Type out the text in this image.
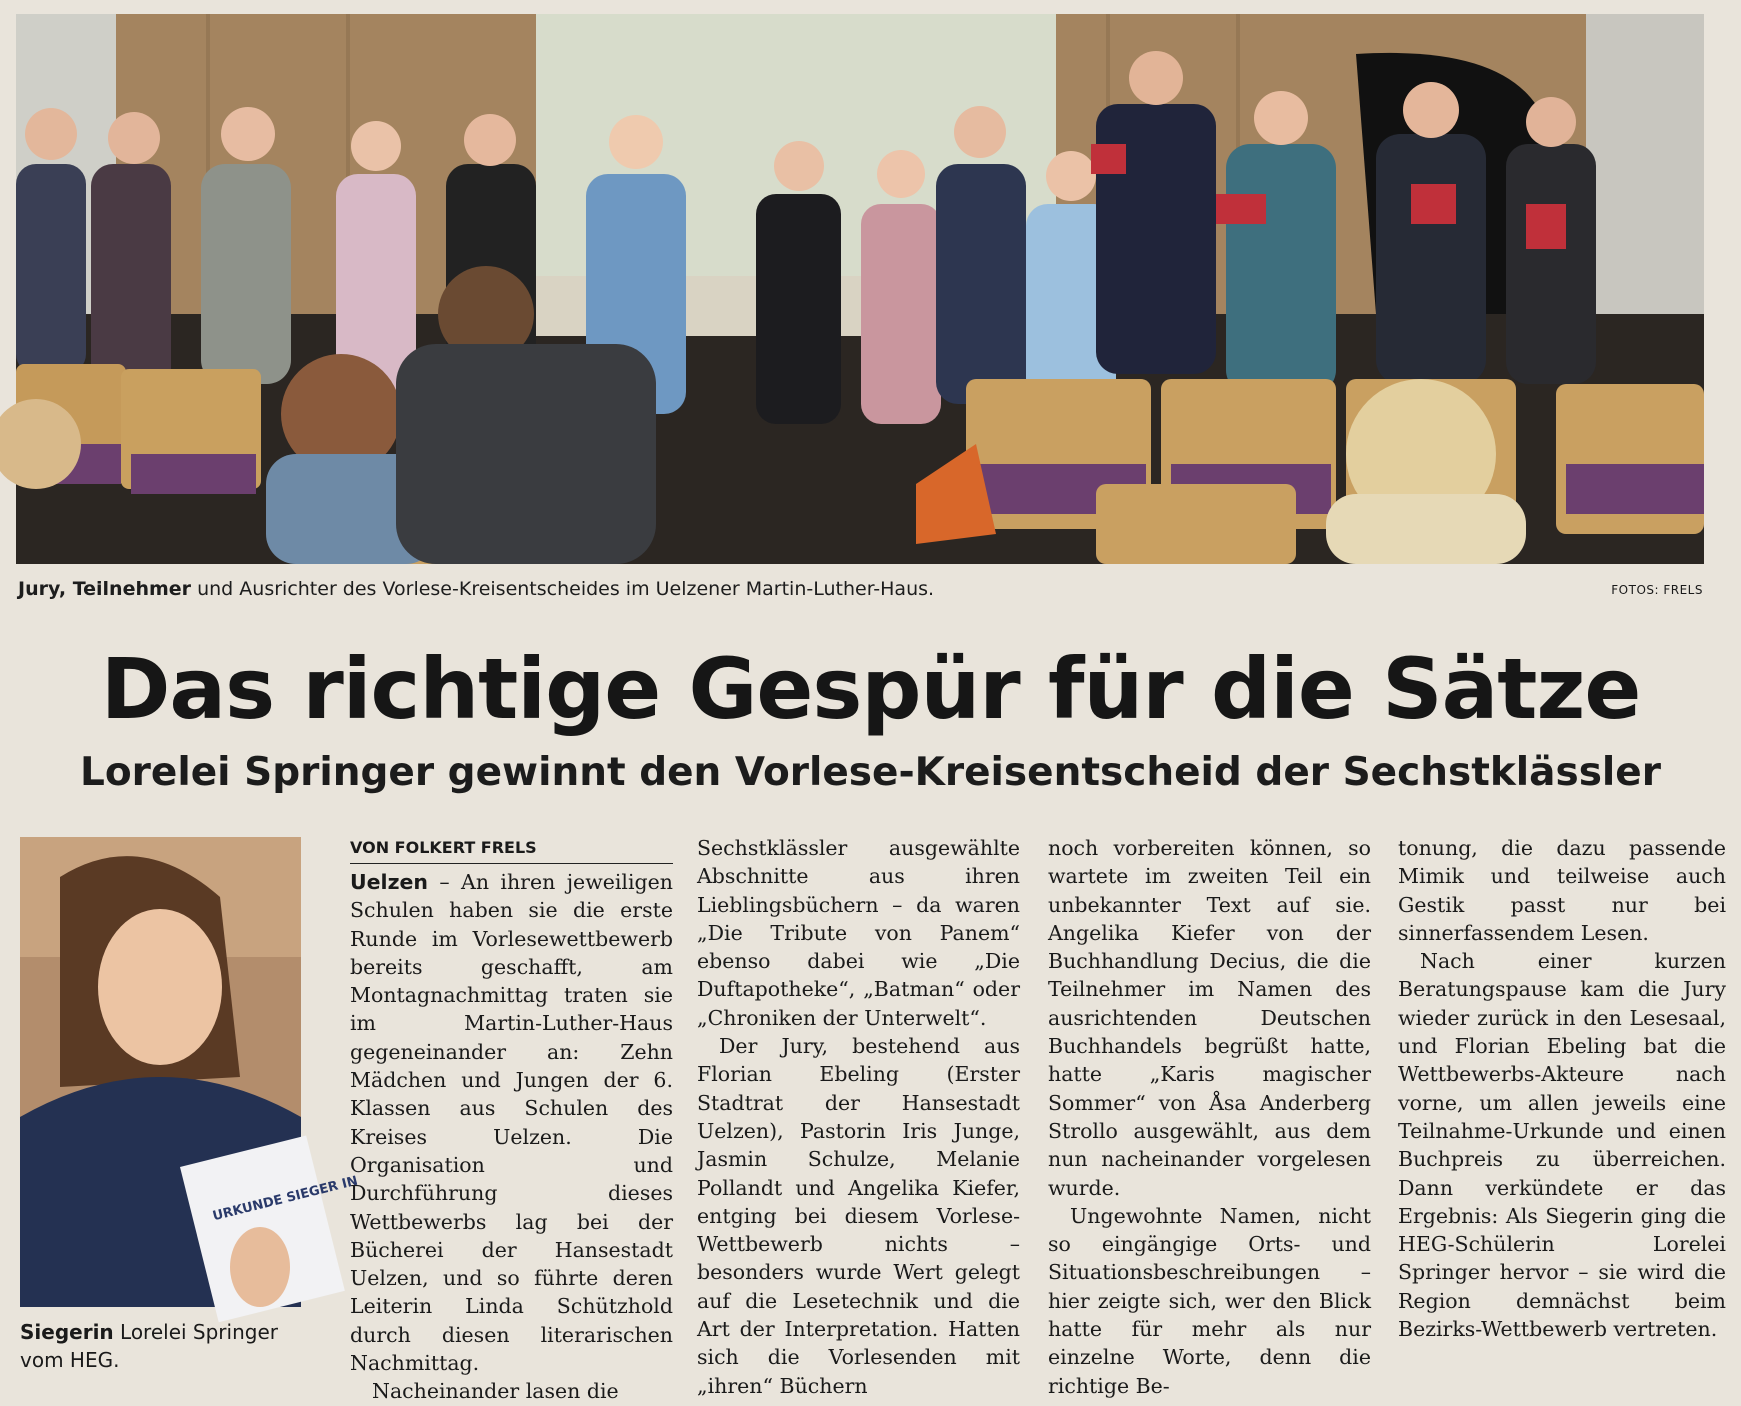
Jury, Teilnehmer und Ausrichter des Vorlese-Kreisentscheides im Uelzener Martin-Luther-Haus.	FOTOS: FRELS
Das richtige Gespür für die Sätze
Lorelei Springer gewinnt den Vorlese-Kreisentscheid der Sechstklässler
URKUNDE SIEGER IN
Siegerin Lorelei Springer vom HEG.
VON FOLKERT FRELS

Uelzen – An ihren jeweiligen Schulen haben sie die erste Runde im Vorlesewettbewerb bereits geschafft, am Montagnachmittag traten sie im Martin-Luther-Haus gegeneinander an: Zehn Mädchen und Jungen der 6. Klassen aus Schulen des Kreises Uelzen. Die Organisation und Durchführung dieses Wettbewerbs lag bei der Bücherei der Hansestadt Uelzen, und so führte deren Leiterin Linda Schützhold durch diesen literarischen Nachmittag.

Nacheinander lasen die

Sechstklässler ausgewählte Abschnitte aus ihren Lieblingsbüchern – da waren „Die Tribute von Panem“ ebenso dabei wie „Die Duftapotheke“, „Batman“ oder „Chroniken der Unterwelt“.

Der Jury, bestehend aus Florian Ebeling (Erster Stadtrat der Hansestadt Uelzen), Pastorin Iris Junge, Jasmin Schulze, Melanie Pollandt und Angelika Kiefer, entging bei diesem Vorlese-Wettbewerb nichts – besonders wurde Wert gelegt auf die Lesetechnik und die Art der Interpretation. Hatten sich die Vorlesenden mit „ihren“ Büchern

noch vorbereiten können, so wartete im zweiten Teil ein unbekannter Text auf sie. Angelika Kiefer von der Buchhandlung Decius, die die Teilnehmer im Namen des ausrichtenden Deutschen Buchhandels begrüßt hatte, hatte „Karis magischer Sommer“ von Åsa Anderberg Strollo ausgewählt, aus dem nun nacheinander vorgelesen wurde.

Ungewohnte Namen, nicht so eingängige Orts- und Situationsbeschreibungen – hier zeigte sich, wer den Blick hatte für mehr als nur einzelne Worte, denn die richtige Be-

tonung, die dazu passende Mimik und teilweise auch Gestik passt nur bei sinnerfassendem Lesen.

Nach einer kurzen Beratungspause kam die Jury wieder zurück in den Lesesaal, und Florian Ebeling bat die Wettbewerbs-Akteure nach vorne, um allen jeweils eine Teilnahme-Urkunde und einen Buchpreis zu überreichen. Dann verkündete er das Ergebnis: Als Siegerin ging die HEG-Schülerin Lorelei Springer hervor – sie wird die Region demnächst beim Bezirks-Wettbewerb vertreten.
